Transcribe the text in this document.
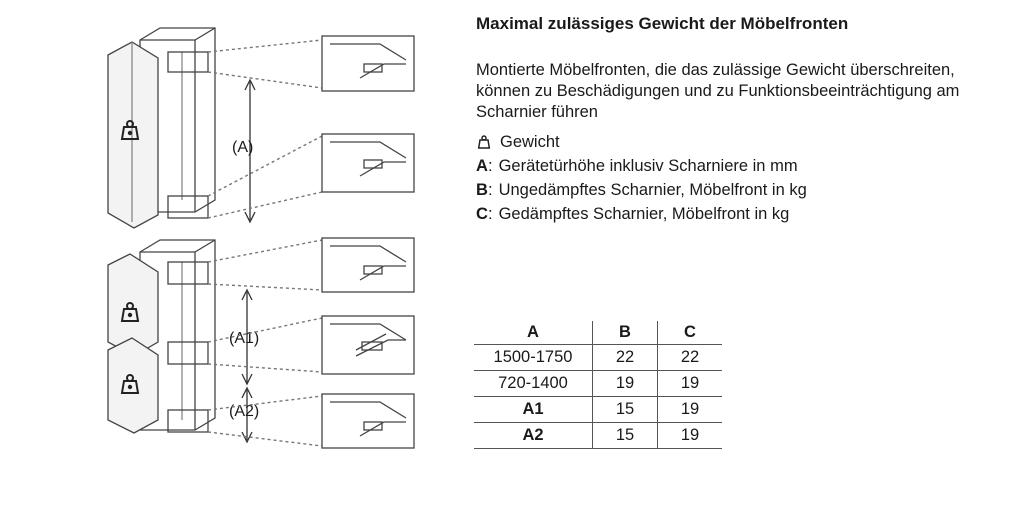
(A)
(A1)
(A2)
Maximal zulässiges Gewicht der Möbelfronten
Montierte Möbelfronten, die das zulässige Gewicht überschreiten, können zu Beschädigungen und zu Funktionsbeeinträchtigung am Scharnier führen
Gewicht
A : Gerätetürhöhe inklusiv Scharniere in mm
B : Ungedämpftes Scharnier, Möbelfront in kg
C : Gedämpftes Scharnier, Möbelfront in kg
A	B	C
1500-1750	22	22
720-1400	19	19
A1	15	19
A2	15	19
